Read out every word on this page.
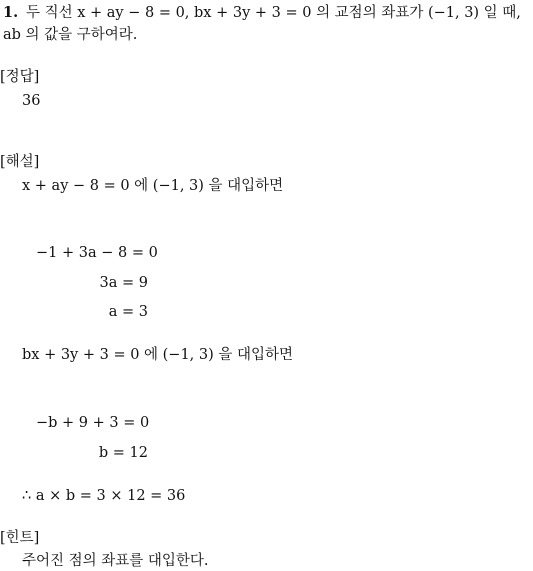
1. 두 직선 x + ay − 8 = 0, bx + 3y + 3 = 0 의 교점의 좌표가 (−1, 3) 일 때,
ab 의 값을 구하여라.
[정답]
36
[해설]
x + ay − 8 = 0 에 (−1, 3) 을 대입하면
−1 + 3a − 8 = 0
3a = 9
a = 3
bx + 3y + 3 = 0 에 (−1, 3) 을 대입하면
−b + 9 + 3 = 0
b = 12
∴ a × b = 3 × 12 = 36
[힌트]
주어진 점의 좌표를 대입한다.
